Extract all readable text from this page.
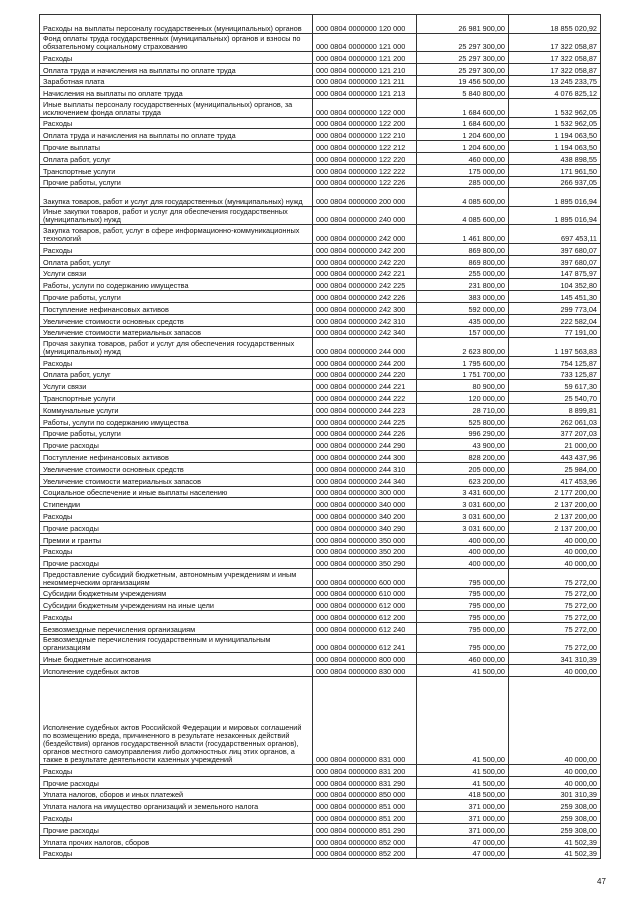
Расходы на выплаты персоналу государственных (муниципальных) органов	000 0804 0000000 120 000	26 981 900,00	18 855 020,92
Фонд оплаты труда государственных (муниципальных) органов и взносы по обязательному социальному страхованию	000 0804 0000000 121 000	25 297 300,00	17 322 058,87
Расходы	000 0804 0000000 121 200	25 297 300,00	17 322 058,87
Оплата труда и начисления на выплаты по оплате труда	000 0804 0000000 121 210	25 297 300,00	17 322 058,87
Заработная плата	000 0804 0000000 121 211	19 456 500,00	13 245 233,75
Начисления на выплаты по оплате труда	000 0804 0000000 121 213	5 840 800,00	4 076 825,12
Иные выплаты персоналу государственных (муниципальных) органов, за исключением фонда оплаты труда	000 0804 0000000 122 000	1 684 600,00	1 532 962,05
Расходы	000 0804 0000000 122 200	1 684 600,00	1 532 962,05
Оплата труда и начисления на выплаты по оплате труда	000 0804 0000000 122 210	1 204 600,00	1 194 063,50
Прочие выплаты	000 0804 0000000 122 212	1 204 600,00	1 194 063,50
Оплата работ, услуг	000 0804 0000000 122 220	460 000,00	438 898,55
Транспортные услуги	000 0804 0000000 122 222	175 000,00	171 961,50
Прочие работы, услуги	000 0804 0000000 122 226	285 000,00	266 937,05
Закупка товаров, работ и услуг для государственных (муниципальных) нужд	000 0804 0000000 200 000	4 085 600,00	1 895 016,94
Иные закупки товаров, работ и услуг для обеспечения государственных (муниципальных) нужд	000 0804 0000000 240 000	4 085 600,00	1 895 016,94
Закупка товаров, работ, услуг в сфере информационно-коммуникационных технологий	000 0804 0000000 242 000	1 461 800,00	697 453,11
Расходы	000 0804 0000000 242 200	869 800,00	397 680,07
Оплата работ, услуг	000 0804 0000000 242 220	869 800,00	397 680,07
Услуги связи	000 0804 0000000 242 221	255 000,00	147 875,97
Работы, услуги по содержанию имущества	000 0804 0000000 242 225	231 800,00	104 352,80
Прочие работы, услуги	000 0804 0000000 242 226	383 000,00	145 451,30
Поступление нефинансовых активов	000 0804 0000000 242 300	592 000,00	299 773,04
Увеличение стоимости основных средств	000 0804 0000000 242 310	435 000,00	222 582,04
Увеличение стоимости материальных запасов	000 0804 0000000 242 340	157 000,00	77 191,00
Прочая закупка товаров, работ и услуг для обеспечения государственных (муниципальных) нужд	000 0804 0000000 244 000	2 623 800,00	1 197 563,83
Расходы	000 0804 0000000 244 200	1 795 600,00	754 125,87
Оплата работ, услуг	000 0804 0000000 244 220	1 751 700,00	733 125,87
Услуги связи	000 0804 0000000 244 221	80 900,00	59 617,30
Транспортные услуги	000 0804 0000000 244 222	120 000,00	25 540,70
Коммунальные услуги	000 0804 0000000 244 223	28 710,00	8 899,81
Работы, услуги по содержанию имущества	000 0804 0000000 244 225	525 800,00	262 061,03
Прочие работы, услуги	000 0804 0000000 244 226	996 290,00	377 207,03
Прочие расходы	000 0804 0000000 244 290	43 900,00	21 000,00
Поступление нефинансовых активов	000 0804 0000000 244 300	828 200,00	443 437,96
Увеличение стоимости основных средств	000 0804 0000000 244 310	205 000,00	25 984,00
Увеличение стоимости материальных запасов	000 0804 0000000 244 340	623 200,00	417 453,96
Социальное обеспечение и иные выплаты населению	000 0804 0000000 300 000	3 431 600,00	2 177 200,00
Стипендии	000 0804 0000000 340 000	3 031 600,00	2 137 200,00
Расходы	000 0804 0000000 340 200	3 031 600,00	2 137 200,00
Прочие расходы	000 0804 0000000 340 290	3 031 600,00	2 137 200,00
Премии и гранты	000 0804 0000000 350 000	400 000,00	40 000,00
Расходы	000 0804 0000000 350 200	400 000,00	40 000,00
Прочие расходы	000 0804 0000000 350 290	400 000,00	40 000,00
Предоставление субсидий бюджетным, автономным учреждениям и иным некоммерческим организациям	000 0804 0000000 600 000	795 000,00	75 272,00
Субсидии бюджетным учреждениям	000 0804 0000000 610 000	795 000,00	75 272,00
Субсидии бюджетным учреждениям на иные цели	000 0804 0000000 612 000	795 000,00	75 272,00
Расходы	000 0804 0000000 612 200	795 000,00	75 272,00
Безвозмездные перечисления организациям	000 0804 0000000 612 240	795 000,00	75 272,00
Безвозмездные перечисления государственным и муниципальным организациям	000 0804 0000000 612 241	795 000,00	75 272,00
Иные бюджетные ассигнования	000 0804 0000000 800 000	460 000,00	341 310,39
Исполнение судебных актов	000 0804 0000000 830 000	41 500,00	40 000,00
Исполнение судебных актов Российской Федерации и мировых соглашений по возмещению вреда, причиненного в результате незаконных действий (бездействия) органов государственной власти (государственных органов), органов местного самоуправления либо должностных лиц этих органов, а также в результате деятельности казенных учреждений	000 0804 0000000 831 000	41 500,00	40 000,00
Расходы	000 0804 0000000 831 200	41 500,00	40 000,00
Прочие расходы	000 0804 0000000 831 290	41 500,00	40 000,00
Уплата налогов, сборов и иных платежей	000 0804 0000000 850 000	418 500,00	301 310,39
Уплата налога на имущество организаций и земельного налога	000 0804 0000000 851 000	371 000,00	259 308,00
Расходы	000 0804 0000000 851 200	371 000,00	259 308,00
Прочие расходы	000 0804 0000000 851 290	371 000,00	259 308,00
Уплата прочих налогов, сборов	000 0804 0000000 852 000	47 000,00	41 502,39
Расходы	000 0804 0000000 852 200	47 000,00	41 502,39
47
